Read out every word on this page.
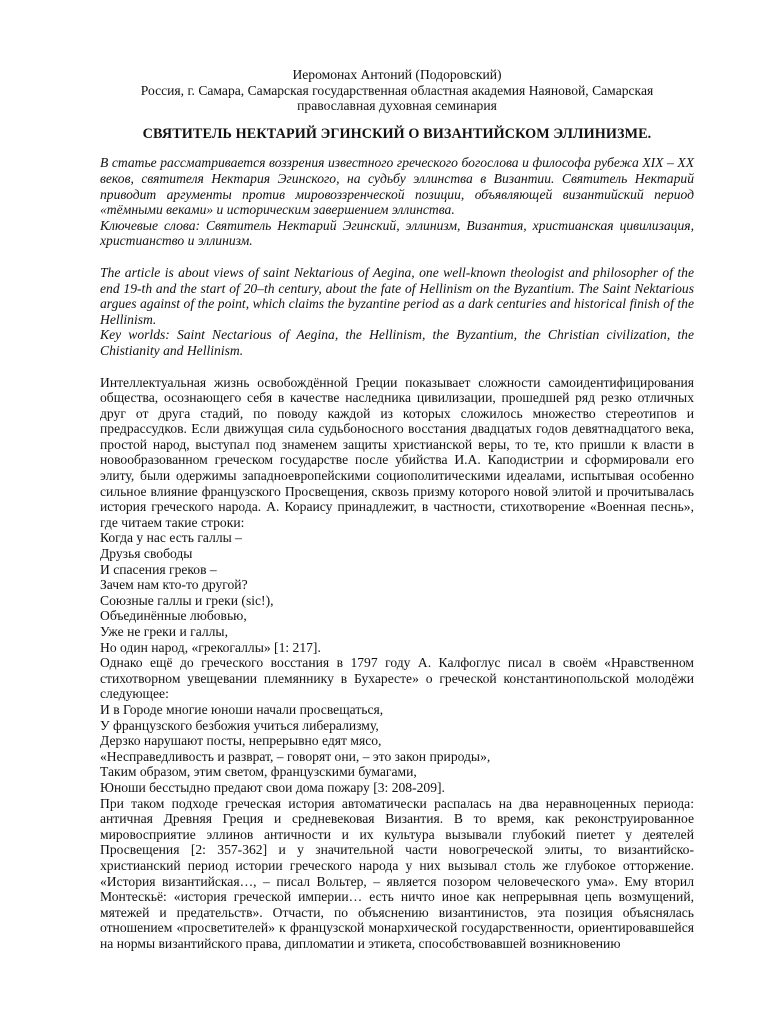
Иеромонах Антоний (Подоровский)
Россия, г. Самара, Самарская государственная областная академия Наяновой, Самарская
православная духовная семинария
СВЯТИТЕЛЬ НЕКТАРИЙ ЭГИНСКИЙ О ВИЗАНТИЙСКОМ ЭЛЛИНИЗМЕ.

В статье рассматривается воззрения известного греческого богослова и философа рубежа XIX – XX веков, святителя Нектария Эгинского, на судьбу эллинства в Византии. Святитель Нектарий приводит аргументы против мировоззренческой позиции, объявляющей византийский период «тёмными веками» и историческим завершением эллинства.

Ключевые слова: Святитель Нектарий Эгинский, эллинизм, Византия, христианская цивилизация, христианство и эллинизм.

The article is about views of saint Nektarious of Aegina, one well-known theologist and philosopher of the end 19-th and the start of 20–th century, about the fate of Hellinism on the Byzantium. The Saint Nektarious argues against of the point, which claims the byzantine period as a dark centuries and historical finish of the Hellinism.

Key worlds: Saint Nectarious of Aegina, the Hellinism, the Byzantium, the Christian civilization, the Chistianity and Hellinism.

Интеллектуальная жизнь освобождённой Греции показывает сложности самоидентифицирования общества, осознающего себя в качестве наследника цивилизации, прошедшей ряд резко отличных друг от друга стадий, по поводу каждой из которых сложилось множество стереотипов и предрассудков. Если движущая сила судьбоносного восстания двадцатых годов девятнадцатого века, простой народ, выступал под знаменем защиты христианской веры, то те, кто пришли к власти в новообразованном греческом государстве после убийства И.А. Каподистрии и сформировали его элиту, были одержимы западноевропейскими социополитическими идеалами, испытывая особенно сильное влияние французского Просвещения, сквозь призму которого новой элитой и прочитывалась история греческого народа. А. Корaису принадлежит, в частности, стихотворение «Военная песнь», где читаем такие строки:

Когда у нас есть галлы –
Друзья свободы
И спасения греков –
Зачем нам кто-то другой?
Союзные галлы и греки (sic!),
Объединённые любовью,
Уже не греки и галлы,
Но один народ, «грекогаллы» [1: 217].

Однако ещё до греческого восстания в 1797 году А. Калфоглус писал в своём «Нравственном стихотворном увещевании племяннику в Бухаресте» о греческой константинопольской молодёжи следующее:

И в Городе многие юноши начали просвещаться,
У французского безбожия учиться либерализму,
Дерзко нарушают посты, непрерывно едят мясо,
«Несправедливость и разврат, – говорят они, – это закон природы»,
Таким образом, этим светом, французскими бумагами,
Юноши бесстыдно предают свои дома пожару [3: 208-209].

При таком подходе греческая история автоматически распалась на два неравноценных периода: античная Древняя Греция и средневековая Византия. В то время, как реконструированное мировосприятие эллинов античности и их культура вызывали глубокий пиетет у деятелей Просвещения [2: 357-362] и у значительной части новогреческой элиты, то византийско-христианский период истории греческого народа у них вызывал столь же глубокое отторжение. «История византийская…, – писал Вольтер, – является позором человеческого ума». Ему вторил Монтескьё: «история греческой империи… есть ничто иное как непрерывная цепь возмущений, мятежей и предательств». Отчасти, по объяснению византинистов, эта позиция объяснялась отношением «просветителей» к французской монархической государственности, ориентировавшейся на нормы византийского права, дипломатии и этикета, способствовавшей возникновению
